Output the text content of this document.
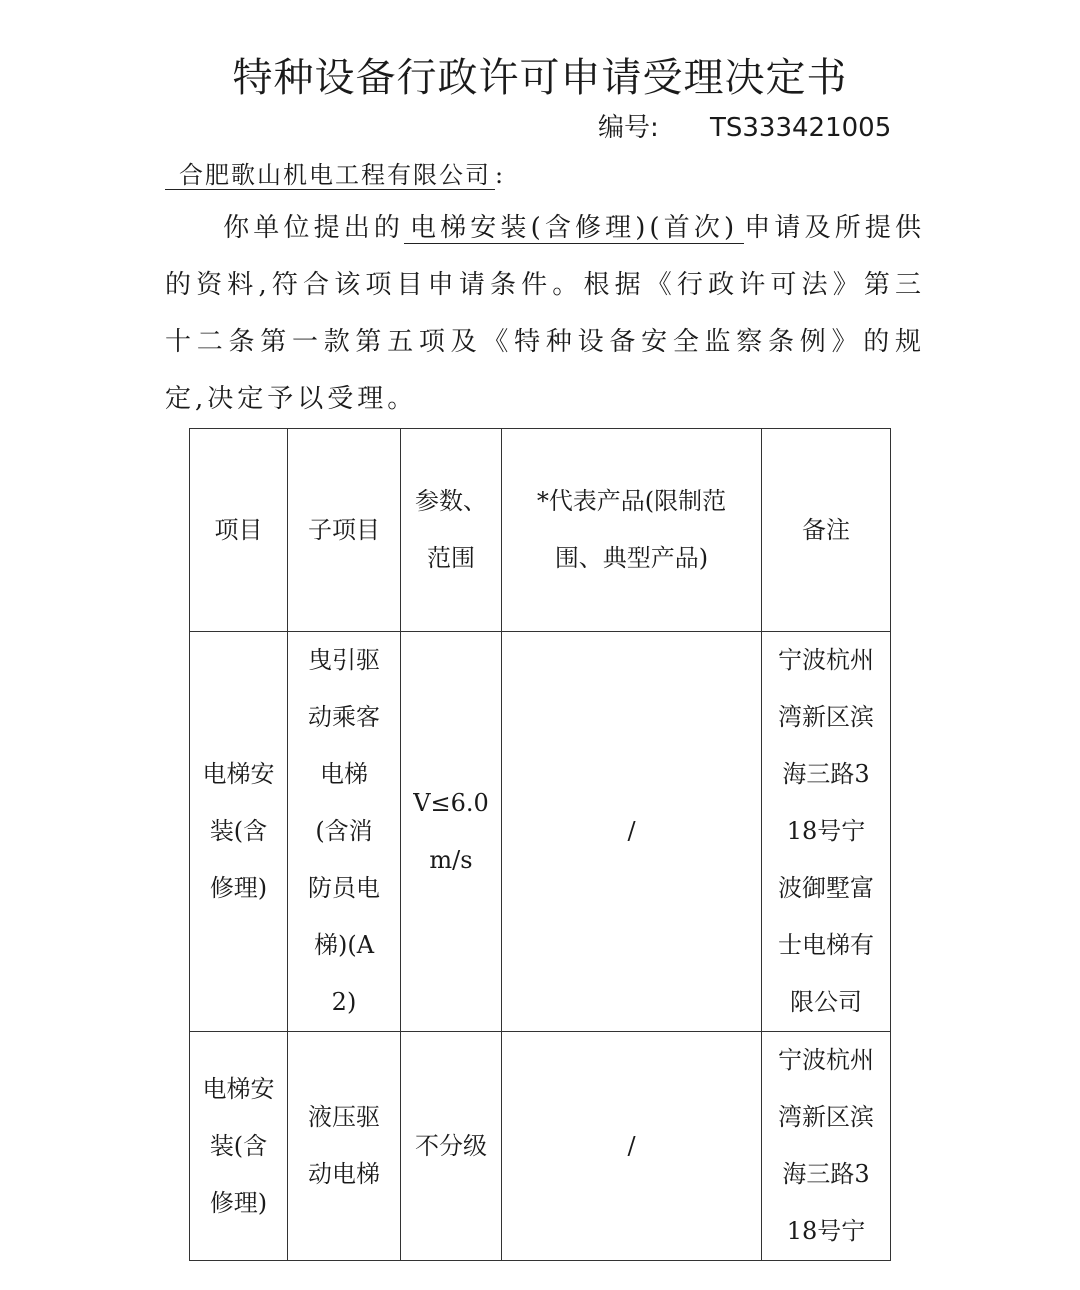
特种设备行政许可申请受理决定书
编号: TS333421005
合肥歌山机电工程有限公司 :
你单位提出的 电梯安装(含修理)(首次) 申请及所提供的资料,符合该项目申请条件。根据《行政许可法》第三十二条第一款第五项及《特种设备安全监察条例》的规定,决定予以受理。
项目	子项目	参数、范围	*代表产品(限制范围、典型产品)	备注
电梯安装(含修理)	曳引驱动乘客电梯(含消防员电梯)(A2)	V≤6.0m/s	/	宁波杭州湾新区滨海三路318号宁波御墅富士电梯有限公司
电梯安装(含修理)	液压驱动电梯	不分级	/	宁波杭州湾新区滨海三路318号宁
